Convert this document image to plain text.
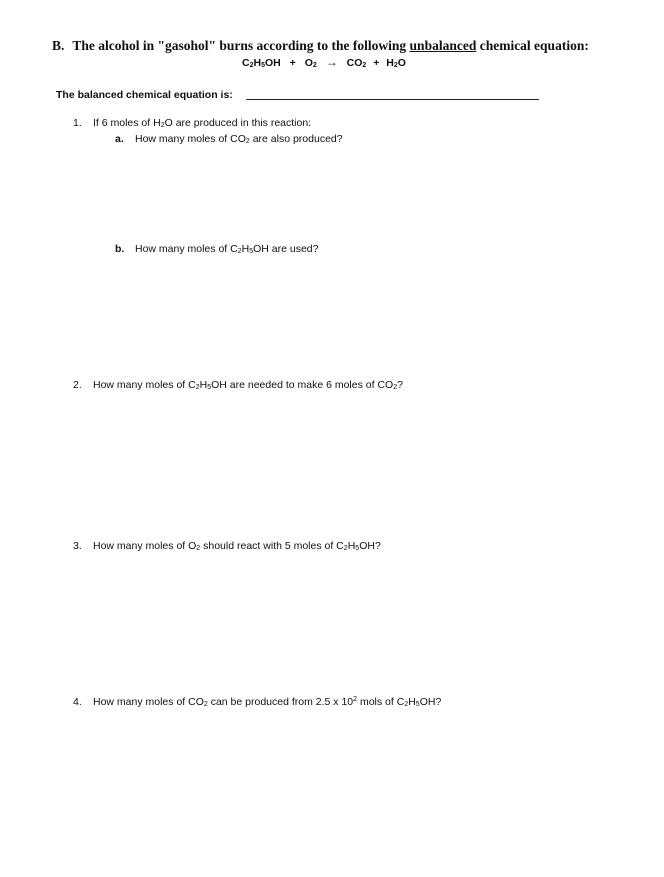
B. The alcohol in "gasohol" burns according to the following unbalanced chemical equation:
$C_2H_5OH + O_2 \to CO_2 + H_2O$
The balanced chemical equation is:
1. If 6 moles of $H_2O$ are produced in this reaction:
a. How many moles of $CO_2$ are also produced?
b. How many moles of $C_2H_5OH$ are used?
2. How many moles of $C_2H_5OH$ are needed to make 6 moles of $CO_2$?
3. How many moles of $O_2$ should react with 5 moles of $C_2H_5OH$?
4. How many moles of $CO_2$ can be produced from 2.5 x $10^2$ mols of $C_2H_5OH$?
